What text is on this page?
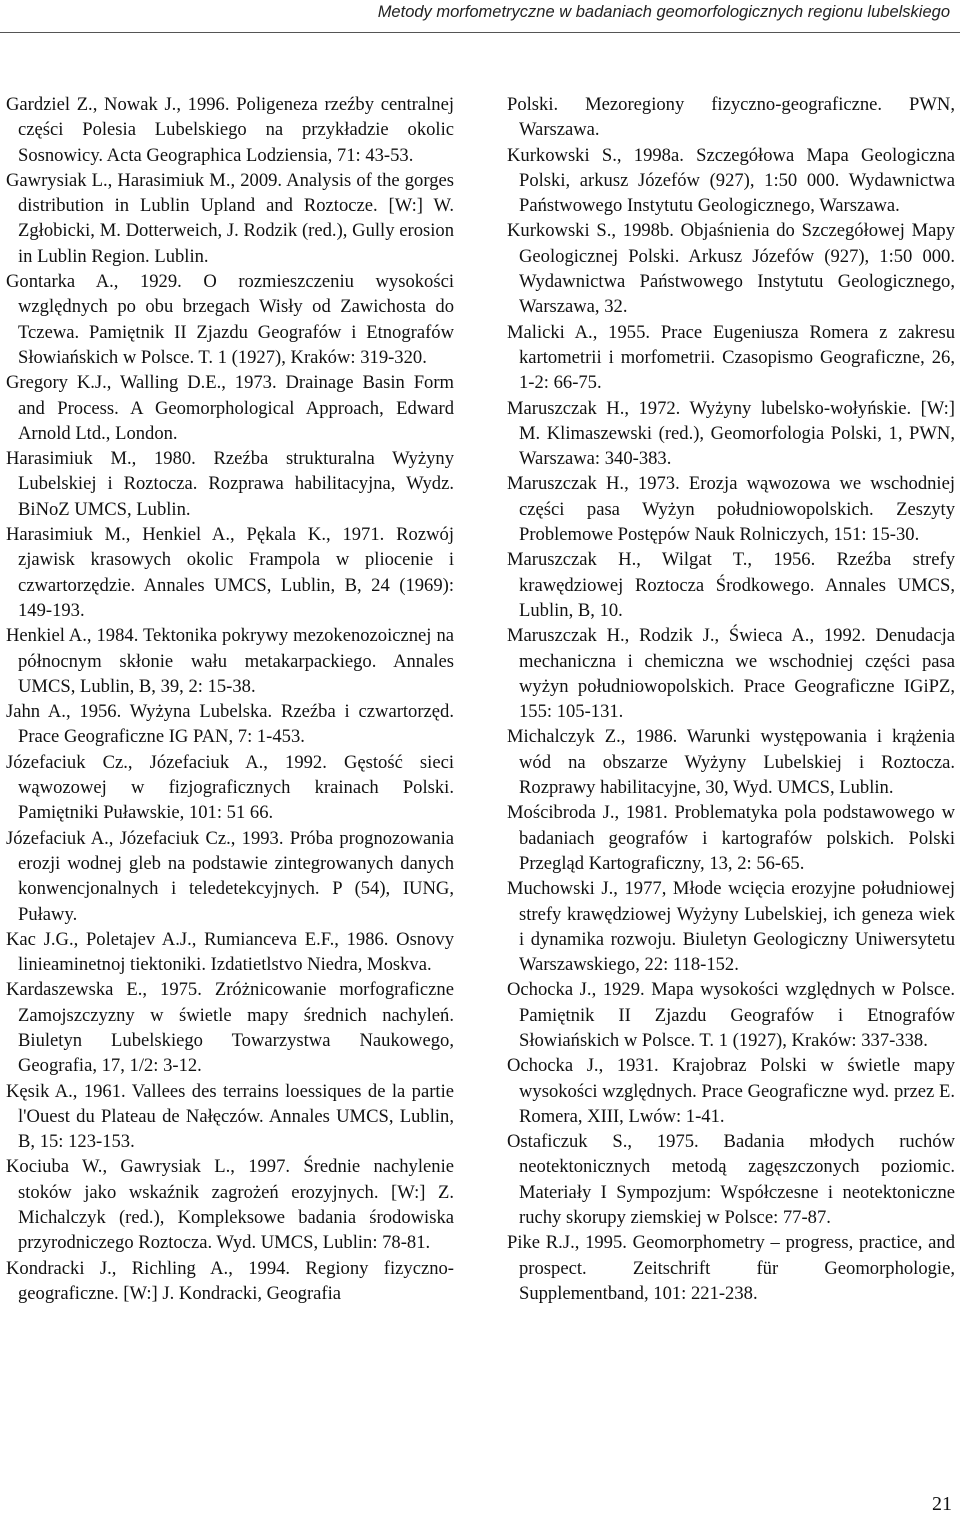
Metody morfometryczne w badaniach geomorfologicznych regionu lubelskiego

Gardziel Z., Nowak J., 1996. Poligeneza rzeźby centralnej części Polesia Lubelskiego na przykładzie okolic Sosnowicy. Acta Geographica Lodziensia, 71: 43-53.

Gawrysiak L., Harasimiuk M., 2009. Analysis of the gorges distribution in Lublin Upland and Roztocze. [W:] W. Zgłobicki, M. Dotterweich, J. Rodzik (red.), Gully erosion in Lublin Region. Lublin.

Gontarka A., 1929. O rozmieszczeniu wysokości względnych po obu brzegach Wisły od Zawichosta do Tczewa. Pamiętnik II Zjazdu Geografów i Etnografów Słowiańskich w Polsce. T. 1 (1927), Kraków: 319-320.

Gregory K.J., Walling D.E., 1973. Drainage Basin Form and Process. A Geomorphological Approach, Edward Arnold Ltd., London.

Harasimiuk M., 1980. Rzeźba strukturalna Wyżyny Lubelskiej i Roztocza. Rozprawa habilitacyjna, Wydz. BiNoZ UMCS, Lublin.

Harasimiuk M., Henkiel A., Pękala K., 1971. Rozwój zjawisk krasowych okolic Frampola w pliocenie i czwartorzędzie. Annales UMCS, Lublin, B, 24 (1969): 149-193.

Henkiel A., 1984. Tektonika pokrywy mezokenozoicznej na północnym skłonie wału metakarpackiego. Annales UMCS, Lublin, B, 39, 2: 15-38.

Jahn A., 1956. Wyżyna Lubelska. Rzeźba i czwartorzęd. Prace Geograficzne IG PAN, 7: 1-453.

Józefaciuk Cz., Józefaciuk A., 1992. Gęstość sieci wąwozowej w fizjograficznych krainach Polski. Pamiętniki Puławskie, 101: 51 66.

Józefaciuk A., Józefaciuk Cz., 1993. Próba prognozowania erozji wodnej gleb na podstawie zintegrowanych danych konwencjonalnych i teledetekcyjnych. P (54), IUNG, Puławy.

Kac J.G., Poletajev A.J., Rumianceva E.F., 1986. Osnovy linieaminetnoj tiektoniki. Izdatietlstvo Niedra, Moskva.

Kardaszewska E., 1975. Zróżnicowanie morfograficzne Zamojszczyzny w świetle mapy średnich nachyleń. Biuletyn Lubelskiego Towarzystwa Naukowego, Geografia, 17, 1/2: 3-12.

Kęsik A., 1961. Vallees des terrains loessiques de la partie l'Ouest du Plateau de Nałęczów. Annales UMCS, Lublin, B, 15: 123-153.

Kociuba W., Gawrysiak L., 1997. Średnie nachylenie stoków jako wskaźnik zagrożeń erozyjnych. [W:] Z. Michalczyk (red.), Kompleksowe badania środowiska przyrodniczego Roztocza. Wyd. UMCS, Lublin: 78-81.

Kondracki J., Richling A., 1994. Regiony fizyczno-geograficzne. [W:] J. Kondracki, Geografia

Polski. Mezoregiony fizyczno-geograficzne. PWN, Warszawa.

Kurkowski S., 1998a. Szczegółowa Mapa Geologiczna Polski, arkusz Józefów (927), 1:50 000. Wydawnictwa Państwowego Instytutu Geologicznego, Warszawa.

Kurkowski S., 1998b. Objaśnienia do Szczegółowej Mapy Geologicznej Polski. Arkusz Józefów (927), 1:50 000. Wydawnictwa Państwowego Instytutu Geologicznego, Warszawa, 32.

Malicki A., 1955. Prace Eugeniusza Romera z zakresu kartometrii i morfometrii. Czasopismo Geograficzne, 26, 1-2: 66-75.

Maruszczak H., 1972. Wyżyny lubelsko-wołyńskie. [W:] M. Klimaszewski (red.), Geomorfologia Polski, 1, PWN, Warszawa: 340-383.

Maruszczak H., 1973. Erozja wąwozowa we wschodniej części pasa Wyżyn południowopolskich. Zeszyty Problemowe Postępów Nauk Rolniczych, 151: 15-30.

Maruszczak H., Wilgat T., 1956. Rzeźba strefy krawędziowej Roztocza Środkowego. Annales UMCS, Lublin, B, 10.

Maruszczak H., Rodzik J., Świeca A., 1992. Denudacja mechaniczna i chemiczna we wschodniej części pasa wyżyn południowopolskich. Prace Geograficzne IGiPZ, 155: 105-131.

Michalczyk Z., 1986. Warunki występowania i krążenia wód na obszarze Wyżyny Lubelskiej i Roztocza. Rozprawy habilitacyjne, 30, Wyd. UMCS, Lublin.

Mościbroda J., 1981. Problematyka pola podstawowego w badaniach geografów i kartografów polskich. Polski Przegląd Kartograficzny, 13, 2: 56-65.

Muchowski J., 1977, Młode wcięcia erozyjne południowej strefy krawędziowej Wyżyny Lubelskiej, ich geneza wiek i dynamika rozwoju. Biuletyn Geologiczny Uniwersytetu Warszawskiego, 22: 118-152.

Ochocka J., 1929. Mapa wysokości względnych w Polsce. Pamiętnik II Zjazdu Geografów i Etnografów Słowiańskich w Polsce. T. 1 (1927), Kraków: 337-338.

Ochocka J., 1931. Krajobraz Polski w świetle mapy wysokości względnych. Prace Geograficzne wyd. przez E. Romera, XIII, Lwów: 1-41.

Ostaficzuk S., 1975. Badania młodych ruchów neotektonicznych metodą zagęszczonych poziomic. Materiały I Sympozjum: Współczesne i neotektoniczne ruchy skorupy ziemskiej w Polsce: 77-87.

Pike R.J., 1995. Geomorphometry – progress, practice, and prospect. Zeitschrift für Geomorphologie, Supplementband, 101: 221-238.

21
